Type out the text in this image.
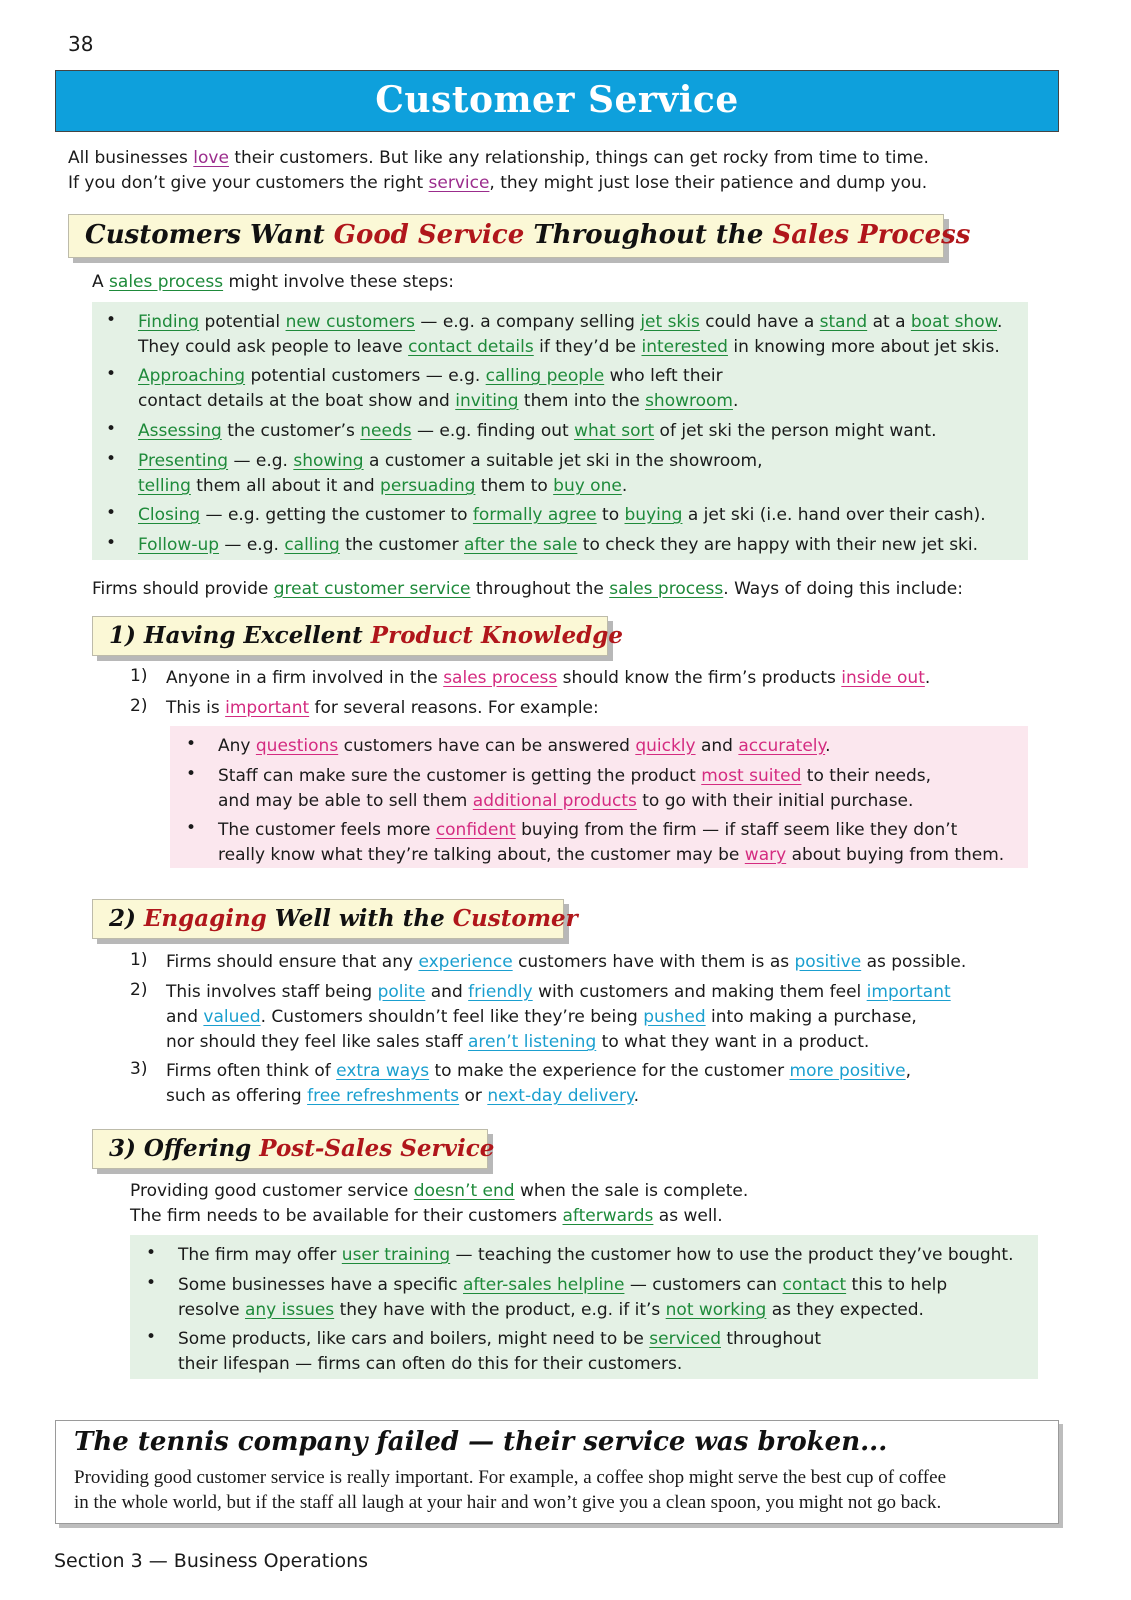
38
Customer Service
All businesses love their customers. But like any relationship, things can get rocky from time to time.
If you don’t give your customers the right service, they might just lose their patience and dump you.
Customers Want Good Service Throughout the Sales Process
A sales process might involve these steps:
• Finding potential new customers — e.g. a company selling jet skis could have a stand at a boat show.
They could ask people to leave contact details if they’d be interested in knowing more about jet skis.
• Approaching potential customers — e.g. calling people who left their
contact details at the boat show and inviting them into the showroom.
• Assessing the customer’s needs — e.g. finding out what sort of jet ski the person might want.
• Presenting — e.g. showing a customer a suitable jet ski in the showroom,
telling them all about it and persuading them to buy one.
• Closing — e.g. getting the customer to formally agree to buying a jet ski (i.e. hand over their cash).
• Follow-up — e.g. calling the customer after the sale to check they are happy with their new jet ski.
Firms should provide great customer service throughout the sales process. Ways of doing this include:
1) Having Excellent Product Knowledge
1) Anyone in a firm involved in the sales process should know the firm’s products inside out.
2) This is important for several reasons. For example:
• Any questions customers have can be answered quickly and accurately.
• Staff can make sure the customer is getting the product most suited to their needs,
and may be able to sell them additional products to go with their initial purchase.
• The customer feels more confident buying from the firm — if staff seem like they don’t
really know what they’re talking about, the customer may be wary about buying from them.
2) Engaging Well with the Customer
1) Firms should ensure that any experience customers have with them is as positive as possible.
2) This involves staff being polite and friendly with customers and making them feel important
and valued. Customers shouldn’t feel like they’re being pushed into making a purchase,
nor should they feel like sales staff aren’t listening to what they want in a product.
3) Firms often think of extra ways to make the experience for the customer more positive,
such as offering free refreshments or next-day delivery.
3) Offering Post-Sales Service
Providing good customer service doesn’t end when the sale is complete.
The firm needs to be available for their customers afterwards as well.
• The firm may offer user training — teaching the customer how to use the product they’ve bought.
• Some businesses have a specific after-sales helpline — customers can contact this to help
resolve any issues they have with the product, e.g. if it’s not working as they expected.
• Some products, like cars and boilers, might need to be serviced throughout
their lifespan — firms can often do this for their customers.
The tennis company failed — their service was broken...

Providing good customer service is really important. For example, a coffee shop might serve the best cup of coffee

in the whole world, but if the staff all laugh at your hair and won’t give you a clean spoon, you might not go back.

Section 3 — Business Operations
